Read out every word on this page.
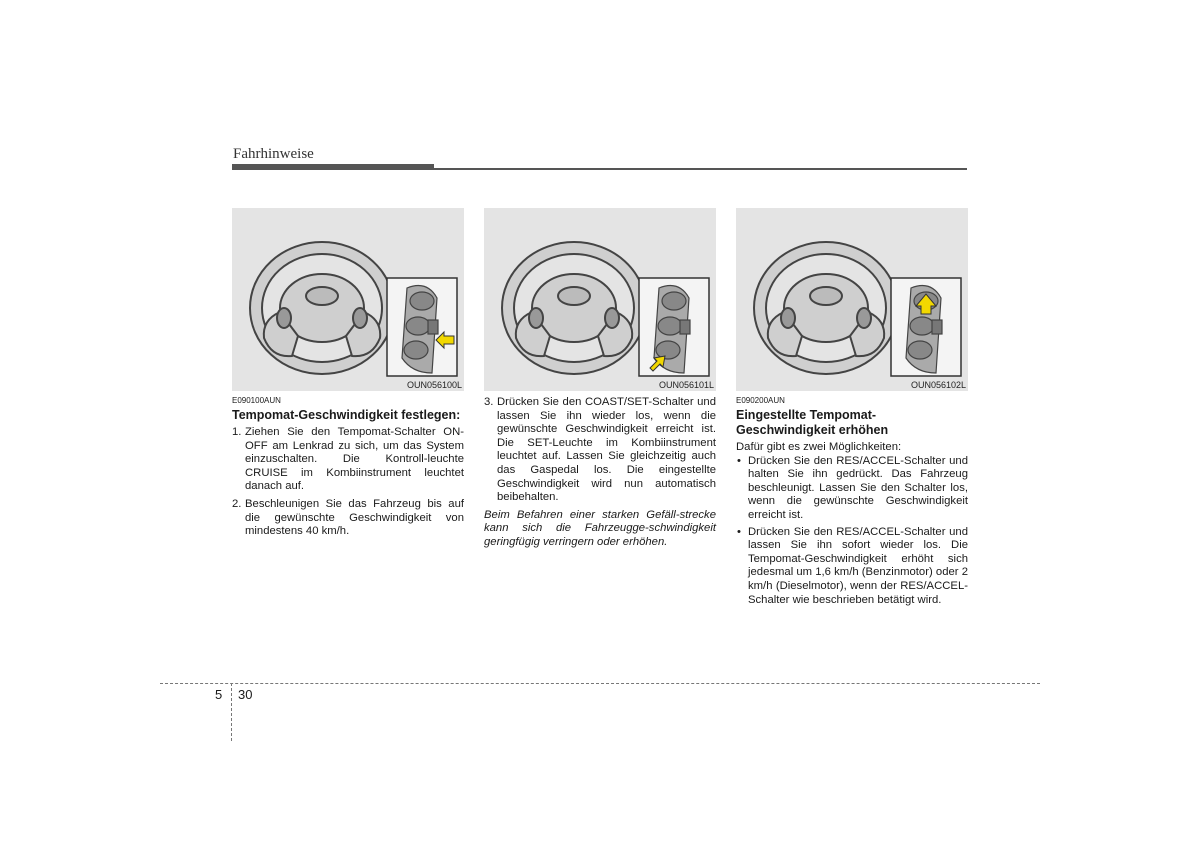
Fahrhinweise
OUN056100L	OUN056101L	OUN056102L

E090100AUN

Tempomat-Geschwindigkeit festlegen:

1. Ziehen Sie den Tempomat-Schalter ON-OFF am Lenkrad zu sich, um das System einzuschalten. Die Kontroll-leuchte CRUISE im Kombiinstrument leuchtet danach auf.

2. Beschleunigen Sie das Fahrzeug bis auf die gewünschte Geschwindigkeit von mindestens 40 km/h.

3. Drücken Sie den COAST/SET-Schalter und lassen Sie ihn wieder los, wenn die gewünschte Geschwindigkeit erreicht ist. Die SET-Leuchte im Kombiinstrument leuchtet auf. Lassen Sie gleichzeitig auch das Gaspedal los. Die eingestellte Geschwindigkeit wird nun automatisch beibehalten.

Beim Befahren einer starken Gefäll-strecke kann sich die Fahrzeugge-schwindigkeit geringfügig verringern oder erhöhen.

E090200AUN

Eingestellte Tempomat-Geschwindigkeit erhöhen

Dafür gibt es zwei Möglichkeiten:

• Drücken Sie den RES/ACCEL-Schalter und halten Sie ihn gedrückt. Das Fahrzeug beschleunigt. Lassen Sie den Schalter los, wenn die gewünschte Geschwindigkeit erreicht ist.

• Drücken Sie den RES/ACCEL-Schalter und lassen Sie ihn sofort wieder los. Die Tempomat-Geschwindigkeit erhöht sich jedesmal um 1,6 km/h (Benzinmotor) oder 2 km/h (Dieselmotor), wenn der RES/ACCEL-Schalter wie beschrieben betätigt wird.

5 30
